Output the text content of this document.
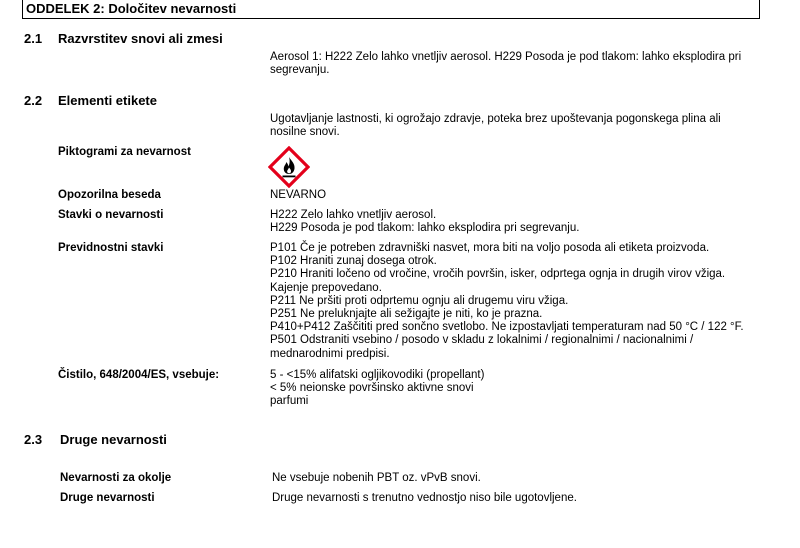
ODDELEK 2: Določitev nevarnosti
2.1 Razvrstitev snovi ali zmesi
Aerosol 1: H222 Zelo lahko vnetljiv aerosol. H229 Posoda je pod tlakom: lahko eksplodira pri
segrevanju.
2.2 Elementi etikete
Ugotavljanje lastnosti, ki ogrožajo zdravje, poteka brez upoštevanja pogonskega plina ali
nosilne snovi.
Piktogrami za nevarnost
Opozorilna beseda	NEVARNO
Stavki o nevarnosti	H222 Zelo lahko vnetljiv aerosol.
H229 Posoda je pod tlakom: lahko eksplodira pri segrevanju.
Previdnostni stavki	P101 Če je potreben zdravniški nasvet, mora biti na voljo posoda ali etiketa proizvoda.
P102 Hraniti zunaj dosega otrok.
P210 Hraniti ločeno od vročine, vročih površin, isker, odprtega ognja in drugih virov vžiga.
Kajenje prepovedano.
P211 Ne pršiti proti odprtemu ognju ali drugemu viru vžiga.
P251 Ne preluknjajte ali sežigajte je niti, ko je prazna.
P410+P412 Zaščititi pred sončno svetlobo. Ne izpostavljati temperaturam nad 50 °C / 122 °F.
P501 Odstraniti vsebino / posodo v skladu z lokalnimi / regionalnimi / nacionalnimi /
mednarodnimi predpisi.
Čistilo, 648/2004/ES, vsebuje:	5 - <15% alifatski ogljikovodiki (propellant)
< 5% neionske površinsko aktivne snovi
parfumi
2.3 Druge nevarnosti
Nevarnosti za okolje	Ne vsebuje nobenih PBT oz. vPvB snovi.
Druge nevarnosti	Druge nevarnosti s trenutno vednostjo niso bile ugotovljene.
